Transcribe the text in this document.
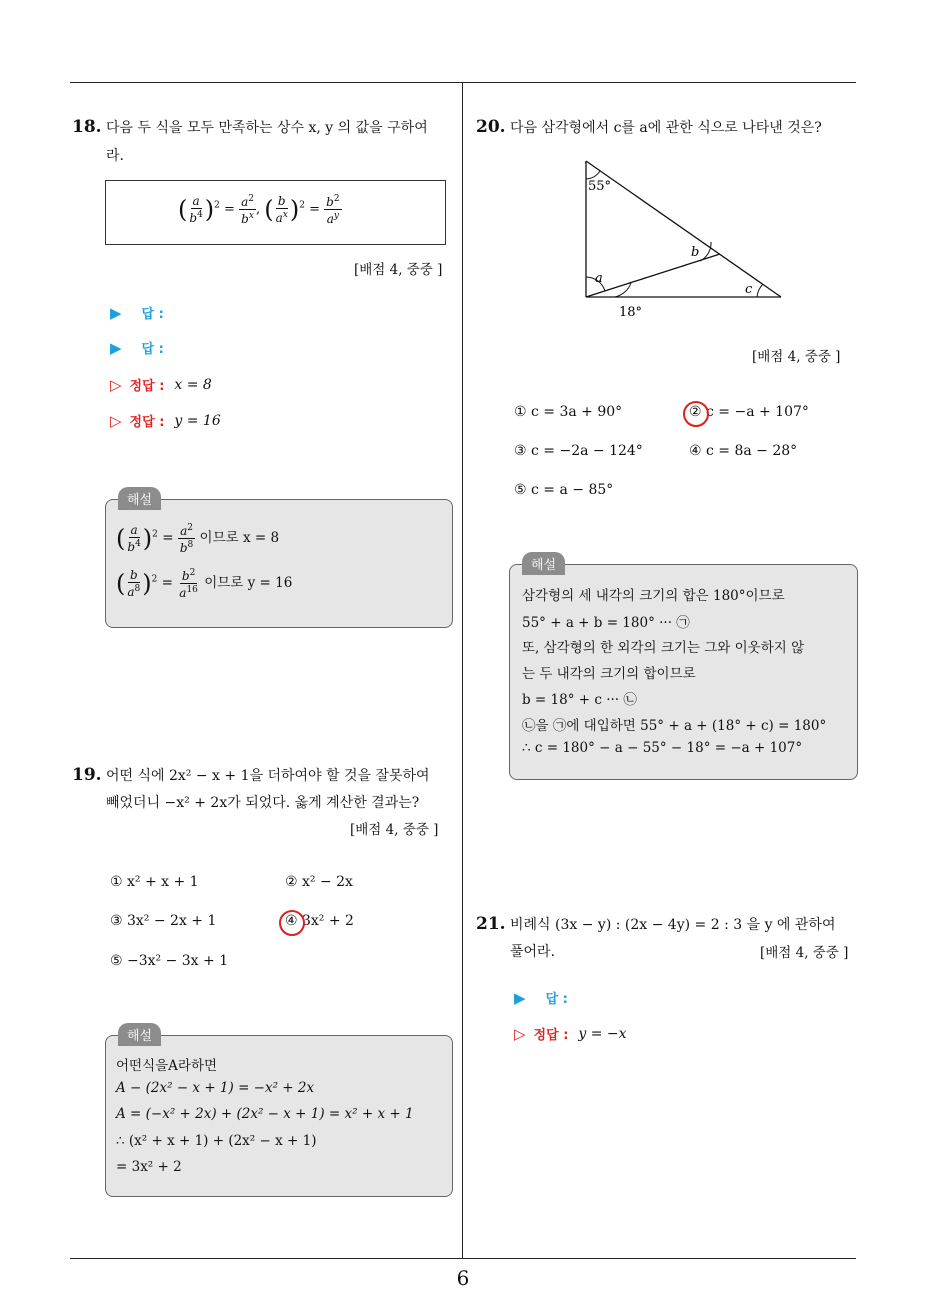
18. 다음 두 식을 모두 만족하는 상수 x, y 의 값을 구하여
라.
( $\frac{a}{b^4} )^2 = \frac{a^2}{b^x}$ , ( $\frac{b}{a^x} )^2 = \frac{b^2}{a^y}$
[배점 4, 중중 ]
▶ 답 :
▶ 답 :
▷ 정답 : x = 8
▷ 정답 : y = 16
해설
( $\frac{a}{b^4} )^2 = \frac{a^2}{b^8}$ 이므로 x = 8
( $\frac{b}{a^8} )^2 = \frac{b^2}{a^{16}}$ 이므로 y = 16
19. 어떤 식에 2x² − x + 1을 더하여야 할 것을 잘못하여
빼었더니 −x² + 2x가 되었다. 옳게 계산한 결과는?
[배점 4, 중중 ]
① x² + x + 1	② x² − 2x
③ 3x² − 2x + 1	④ 3x² + 2
⑤ −3x² − 3x + 1
해설
어떤식을A라하면
A − (2x² − x + 1) = −x² + 2x
A = (−x² + 2x) + (2x² − x + 1) = x² + x + 1
∴ (x² + x + 1) + (2x² − x + 1)
= 3x² + 2
20. 다음 삼각형에서 c를 a에 관한 식으로 나타낸 것은?
55°
a
b
c
18°
[배점 4, 중중 ]
① c = 3a + 90°	② c = −a + 107°
③ c = −2a − 124°	④ c = 8a − 28°
⑤ c = a − 85°
해설
삼각형의 세 내각의 크기의 합은 180°이므로
55° + a + b = 180° ··· ㉠
또, 삼각형의 한 외각의 크기는 그와 이웃하지 않
는 두 내각의 크기의 합이므로
b = 18° + c ··· ㉡
㉡을 ㉠에 대입하면 55° + a + (18° + c) = 180°
∴ c = 180° − a − 55° − 18° = −a + 107°
21. 비례식 (3x − y) : (2x − 4y) = 2 : 3 을 y 에 관하여
풀어라.	[배점 4, 중중 ]
▶ 답 :
▷ 정답 : y = −x
6
